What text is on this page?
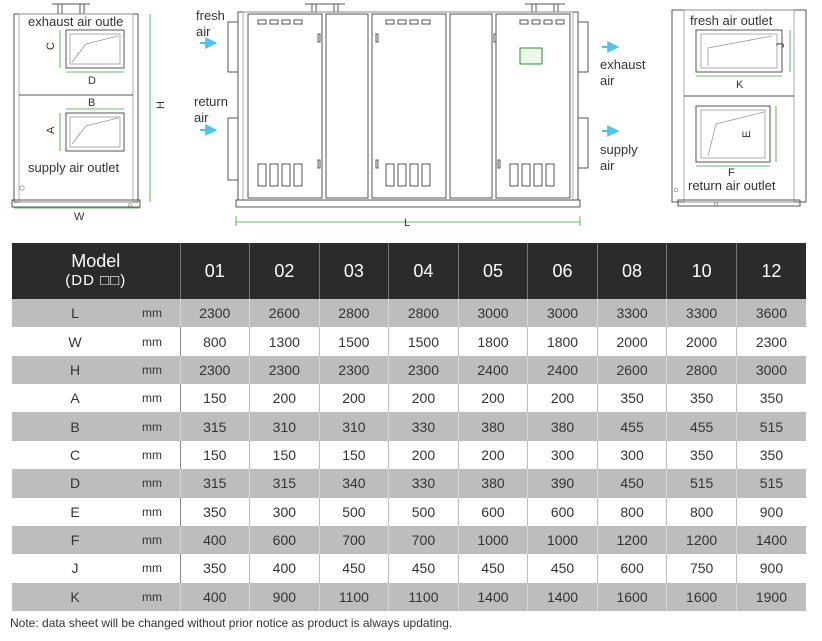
C
D
B
A
H
W
exhaust air outle
supply air outlet
L
fresh
air
return
air
exhaust
air
supply
air
J
K
E
F
fresh air outlet
return air outlet
Model
(DD □□)		01	02	03	04	05	06	08	10	12
L	mm	2300	2600	2800	2800	3000	3000	3300	3300	3600
W	mm	800	1300	1500	1500	1800	1800	2000	2000	2300
H	mm	2300	2300	2300	2300	2400	2400	2600	2800	3000
A	mm	150	200	200	200	200	200	350	350	350
B	mm	315	310	310	330	380	380	455	455	515
C	mm	150	150	150	200	200	300	300	350	350
D	mm	315	315	340	330	380	390	450	515	515
E	mm	350	300	500	500	600	600	800	800	900
F	mm	400	600	700	700	1000	1000	1200	1200	1400
J	mm	350	400	450	450	450	450	600	750	900
K	mm	400	900	1100	1100	1400	1400	1600	1600	1900
Note: data sheet will be changed without prior notice as product is always updating.
